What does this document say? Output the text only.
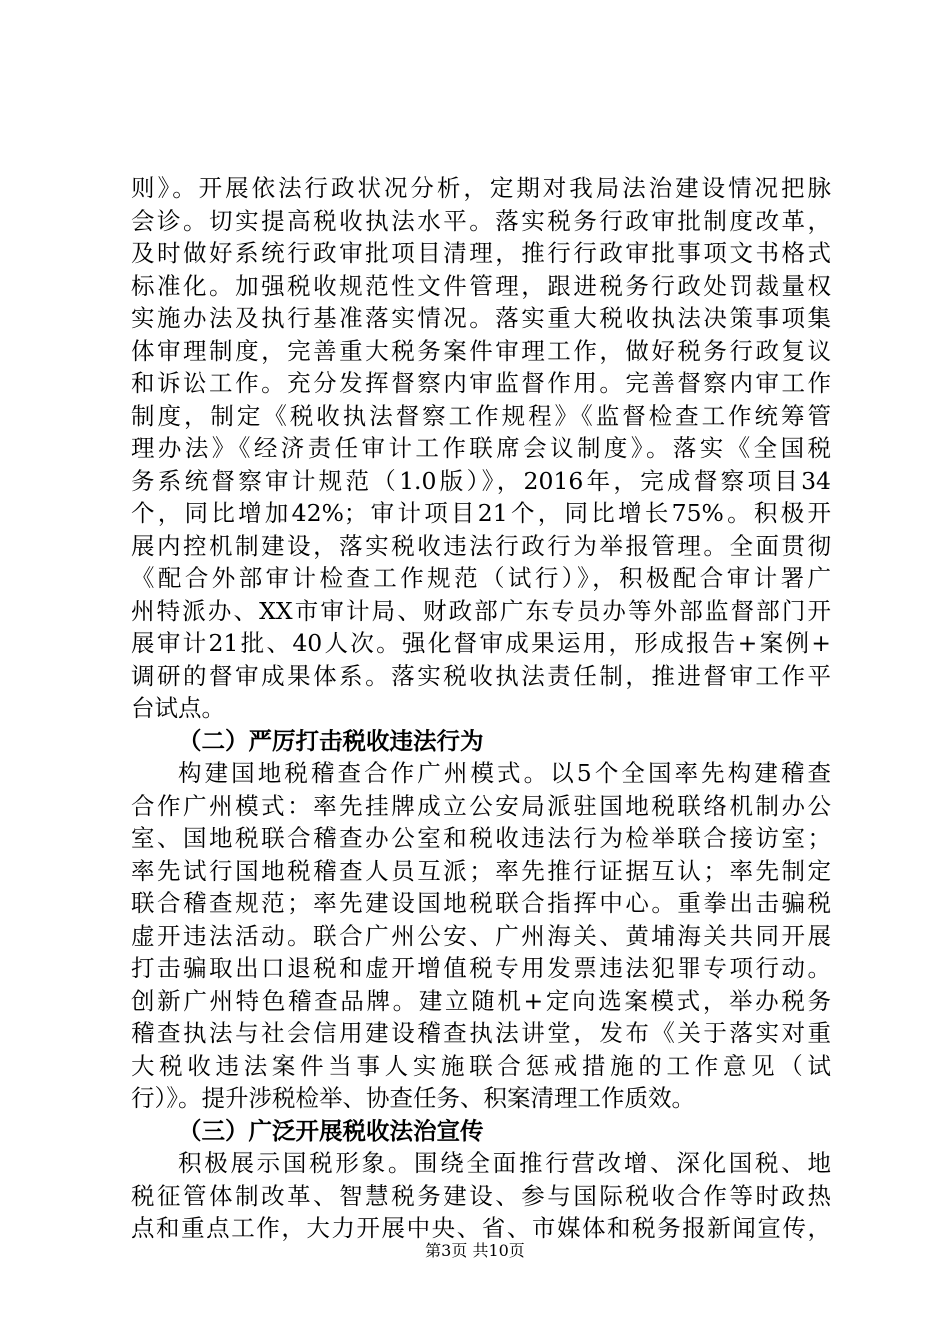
则》。开展依法行政状况分析，定期对我局法治建设情况把脉
会诊。切实提高税收执法水平。落实税务行政审批制度改革，
及时做好系统行政审批项目清理，推行行政审批事项文书格式
标准化。加强税收规范性文件管理，跟进税务行政处罚裁量权
实施办法及执行基准落实情况。落实重大税收执法决策事项集
体审理制度，完善重大税务案件审理工作，做好税务行政复议
和诉讼工作。充分发挥督察内审监督作用。完善督察内审工作
制度，制定《税收执法督察工作规程》《监督检查工作统筹管
理办法》《经济责任审计工作联席会议制度》。落实《全国税
务系统督察审计规范（1.0版）》，2016年，完成督察项目34
个，同比增加42%；审计项目21个，同比增长75%。积极开
展内控机制建设，落实税收违法行政行为举报管理。全面贯彻
《配合外部审计检查工作规范（试行）》，积极配合审计署广
州特派办、XX市审计局、财政部广东专员办等外部监督部门开
展审计21批、40人次。强化督审成果运用，形成报告+案例+
调研的督审成果体系。落实税收执法责任制，推进督审工作平
台试点。
（二）严厉打击税收违法行为
构建国地税稽查合作广州模式。以5个全国率先构建稽查
合作广州模式：率先挂牌成立公安局派驻国地税联络机制办公
室、国地税联合稽查办公室和税收违法行为检举联合接访室；
率先试行国地税稽查人员互派；率先推行证据互认；率先制定
联合稽查规范；率先建设国地税联合指挥中心。重拳出击骗税
虚开违法活动。联合广州公安、广州海关、黄埔海关共同开展
打击骗取出口退税和虚开增值税专用发票违法犯罪专项行动。
创新广州特色稽查品牌。建立随机+定向选案模式，举办税务
稽查执法与社会信用建设稽查执法讲堂，发布《关于落实对重
大税收违法案件当事人实施联合惩戒措施的工作意见（试
行）》。提升涉税检举、协查任务、积案清理工作质效。
（三）广泛开展税收法治宣传
积极展示国税形象。围绕全面推行营改增、深化国税、地
税征管体制改革、智慧税务建设、参与国际税收合作等时政热
点和重点工作，大力开展中央、省、市媒体和税务报新闻宣传，
第3页 共10页
